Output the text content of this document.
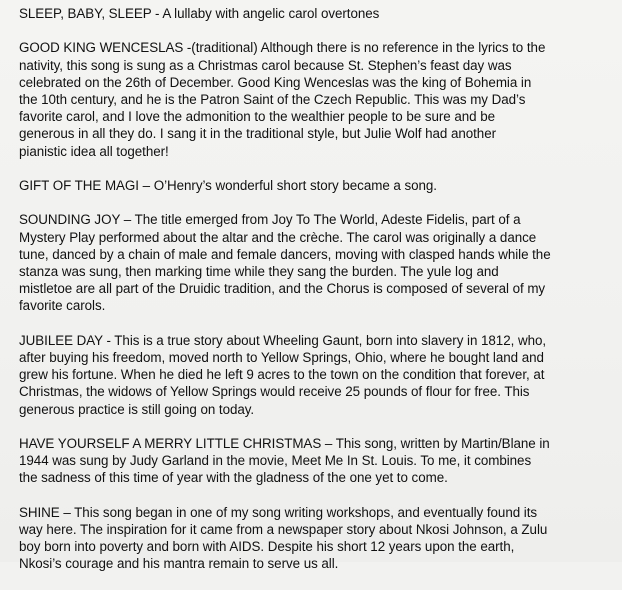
SLEEP, BABY, SLEEP - A lullaby with angelic carol overtones
GOOD KING WENCESLAS -(traditional) Although there is no reference in the lyrics to the
nativity, this song is sung as a Christmas carol because St. Stephen’s feast day was
celebrated on the 26th of December. Good King Wenceslas was the king of Bohemia in
the 10th century, and he is the Patron Saint of the Czech Republic. This was my Dad’s
favorite carol, and I love the admonition to the wealthier people to be sure and be
generous in all they do. I sang it in the traditional style, but Julie Wolf had another
pianistic idea all together!
GIFT OF THE MAGI – O’Henry’s wonderful short story became a song.
SOUNDING JOY – The title emerged from Joy To The World, Adeste Fidelis, part of a
Mystery Play performed about the altar and the crèche. The carol was originally a dance
tune, danced by a chain of male and female dancers, moving with clasped hands while the
stanza was sung, then marking time while they sang the burden. The yule log and
mistletoe are all part of the Druidic tradition, and the Chorus is composed of several of my
favorite carols.
JUBILEE DAY - This is a true story about Wheeling Gaunt, born into slavery in 1812, who,
after buying his freedom, moved north to Yellow Springs, Ohio, where he bought land and
grew his fortune. When he died he left 9 acres to the town on the condition that forever, at
Christmas, the widows of Yellow Springs would receive 25 pounds of flour for free. This
generous practice is still going on today.
HAVE YOURSELF A MERRY LITTLE CHRISTMAS – This song, written by Martin/Blane in
1944 was sung by Judy Garland in the movie, Meet Me In St. Louis. To me, it combines
the sadness of this time of year with the gladness of the one yet to come.
SHINE – This song began in one of my song writing workshops, and eventually found its
way here. The inspiration for it came from a newspaper story about Nkosi Johnson, a Zulu
boy born into poverty and born with AIDS. Despite his short 12 years upon the earth,
Nkosi’s courage and his mantra remain to serve us all.
